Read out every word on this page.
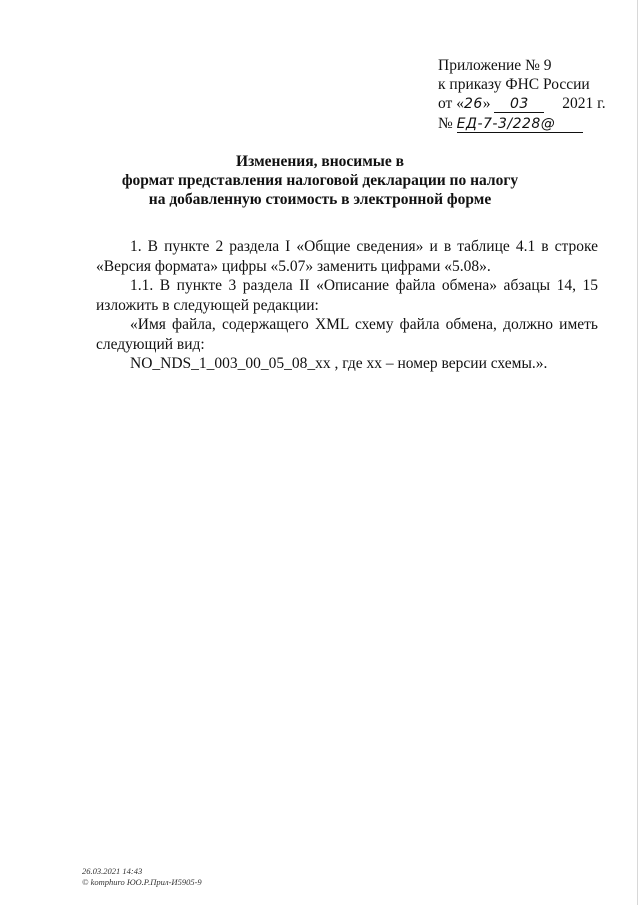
Приложение № 9
к приказу ФНС России
от «26» 03 2021 г.
№ ЕД-7-3/228@
Изменения, вносимые в
формат представления налоговой декларации по налогу
на добавленную стоимость в электронной форме

1. В пункте 2 раздела I «Общие сведения» и в таблице 4.1 в строке «Версия формата» цифры «5.07» заменить цифрами «5.08».

1.1. В пункте 3 раздела II «Описание файла обмена» абзацы 14, 15 изложить в следующей редакции:

«Имя файла, содержащего XML схему файла обмена, должно иметь следующий вид:

NO_NDS_1_003_00_05_08_xx , где хх – номер версии схемы.».

26.03.2021 14:43
© komphuro ЮО.Р.Прил-И5905-9
